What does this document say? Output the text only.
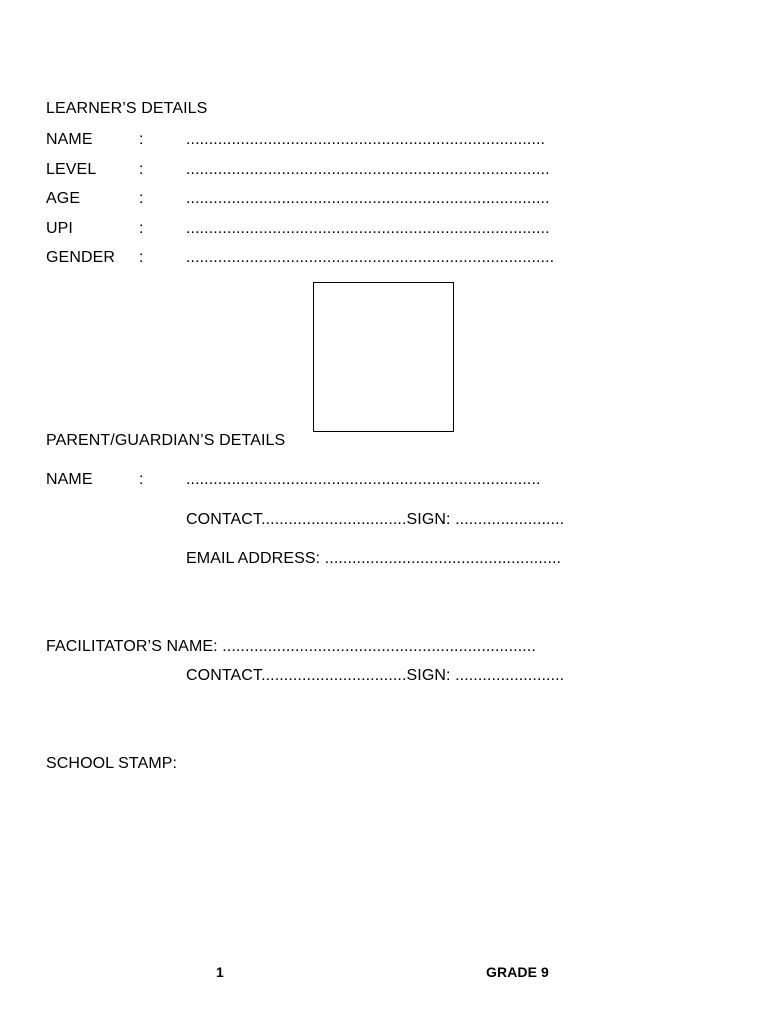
LEARNER’S DETAILS
NAME	:	...............................................................................
LEVEL	:	................................................................................
AGE	:	................................................................................
UPI	:	................................................................................
GENDER :	.................................................................................
PARENT/GUARDIAN’S DETAILS
NAME	:	..............................................................................
CONTACT................................SIGN: ........................
EMAIL ADDRESS: ....................................................
FACILITATOR’S NAME: .....................................................................
CONTACT................................SIGN: ........................
SCHOOL STAMP:
1	GRADE 9
